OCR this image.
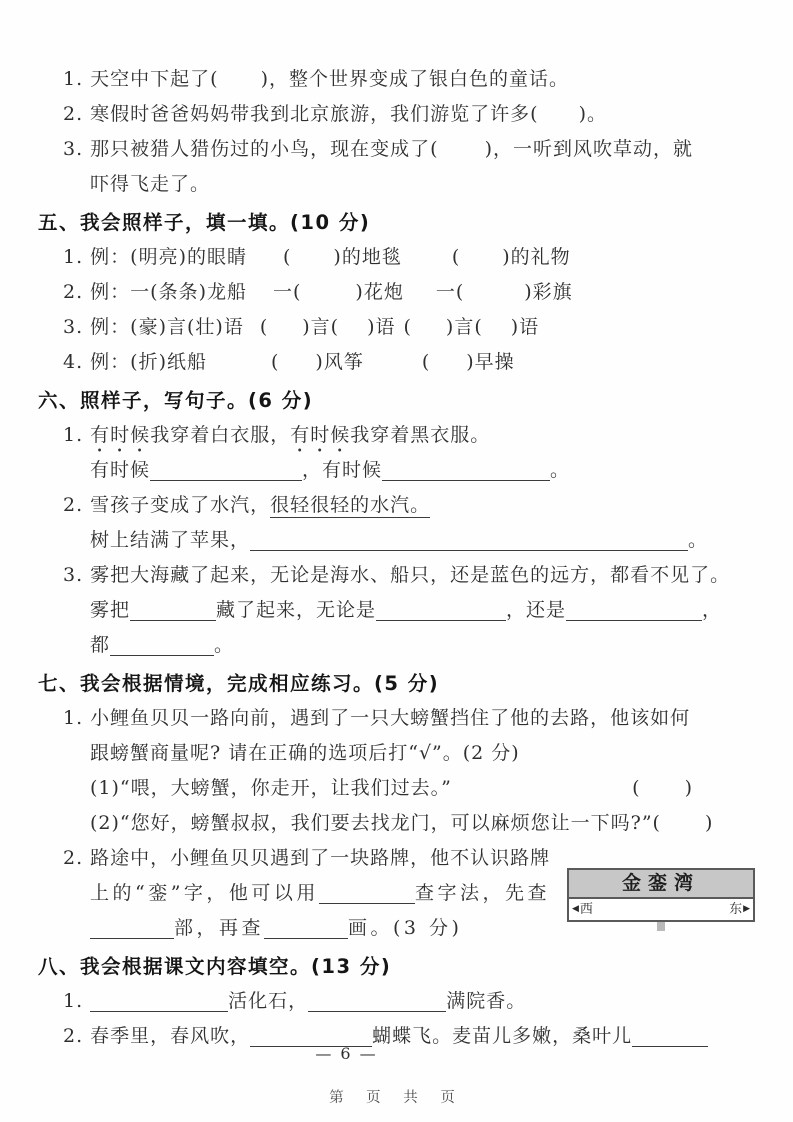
1. 天空中下起了( )，整个世界变成了银白色的童话。
2. 寒假时爸爸妈妈带我到北京旅游，我们游览了许多( )。
3. 那只被猎人猎伤过的小鸟，现在变成了( )，一听到风吹草动，就
吓得飞走了。
五、我会照样子，填一填。(10 分)
1. 例：(明亮)的眼睛 ( )的地毯	( )的礼物
2. 例：一(条条)龙船 一(	)花炮 一(	)彩旗
3. 例：(豪)言(壮)语 ( )言( )语 ( )言( )语
4. 例：(折)纸船	( )风筝	( )早操
六、照样子，写句子。(6 分)
1. 有时候我穿着白衣服，有时候我穿着黑衣服。
有时候	，有时候	。
2. 雪孩子变成了水汽，很轻很轻的水汽。
树上结满了苹果，	。
3. 雾把大海藏了起来，无论是海水、船只，还是蓝色的远方，都看不见了。
雾把	藏了起来，无论是	，还是	，
都	。
七、我会根据情境，完成相应练习。(5 分)
1. 小鲤鱼贝贝一路向前，遇到了一只大螃蟹挡住了他的去路，他该如何
跟螃蟹商量呢? 请在正确的选项后打“√”。(2 分)
(1)“喂，大螃蟹，你走开，让我们过去。”	( )
(2)“您好，螃蟹叔叔，我们要去找龙门，可以麻烦您让一下吗?” ( )
2. 路途中，小鲤鱼贝贝遇到了一块路牌，他不认识路牌
上的“銮”字，他可以用	查字法，先查
部，再查	画。(3 分)
八、我会根据课文内容填空。(13 分)
1.	活化石，	满院香。
2. 春季里，春风吹，	蝴蝶飞。麦苗儿多嫩，桑叶儿
金銮湾
◀ 西	东 ▶
— 6 —
第 页 共 页
